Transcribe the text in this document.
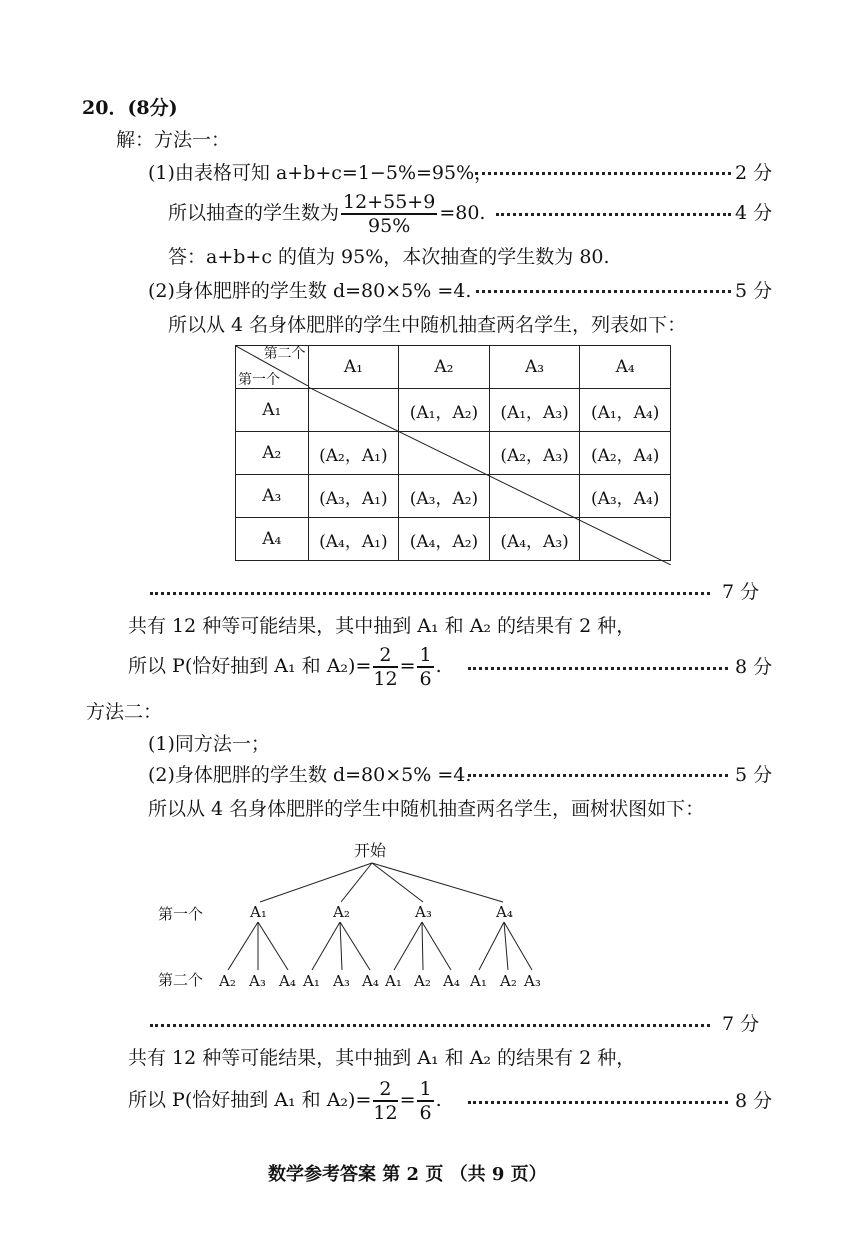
20．(8分)
解：方法一：
(1)由表格可知 a+b+c=1−5%=95%，	2 分
所以抽查的学生数为 $\frac{12+55+9}{95\%} =80$.	4 分
答：a+b+c 的值为 95%，本次抽查的学生数为 80.
(2)身体肥胖的学生数 d=80×5% =4.	5 分
所以从 4 名身体肥胖的学生中随机抽查两名学生，列表如下：
第二个
第一个	A₁	A₂	A₃	A₄
A₁		(A₁，A₂)	(A₁，A₃)	(A₁，A₄)
A₂	(A₂，A₁)		(A₂，A₃)	(A₂，A₄)
A₃	(A₃，A₁)	(A₃，A₂)		(A₃，A₄)
A₄	(A₄，A₁)	(A₄，A₂)	(A₄，A₃)	
7 分
共有 12 种等可能结果，其中抽到 A₁ 和 A₂ 的结果有 2 种，
所以 P(恰好抽到 A₁ 和 $A_2)= \frac{2}{12} = \frac{1}{6}$ .	8 分
方法二：
(1)同方法一；
(2)身体肥胖的学生数 d=80×5% =4.	5 分
所以从 4 名身体肥胖的学生中随机抽查两名学生，画树状图如下：
开始
第一个
第二个
A₁	A₂	A₃	A₄
A₂ A₃ A₄ A₁ A₃ A₄ A₁ A₂ A₄ A₁ A₂ A₃
7 分
共有 12 种等可能结果，其中抽到 A₁ 和 A₂ 的结果有 2 种，
所以 P(恰好抽到 A₁ 和 $A_2)= \frac{2}{12} = \frac{1}{6}$ .	8 分
数学参考答案 第 2 页 （共 9 页）
